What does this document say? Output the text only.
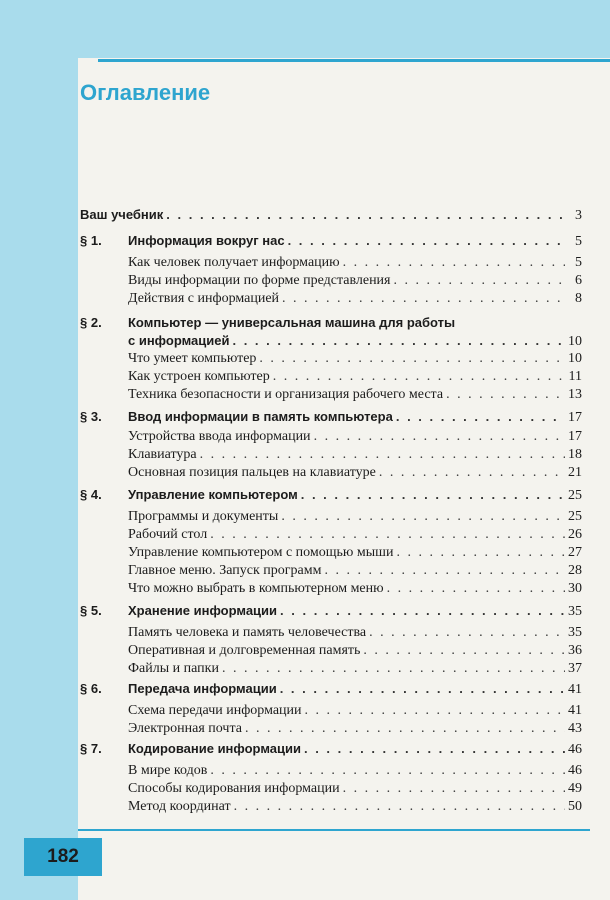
Оглавление
Ваш учебник . . .	3
§ 1. Информация вокруг нас . . .	5
Как человек получает информацию . . .	5
Виды информации по форме представления . . .	6
Действия с информацией . . .	8
§ 2. Компьютер — универсальная машина для работы
с информацией . . .	10
Что умеет компьютер . . .	10
Как устроен компьютер . . .	11
Техника безопасности и организация рабочего места . . .	13
§ 3. Ввод информации в память компьютера . . .	17
Устройства ввода информации . . .	17
Клавиатура . . .	18
Основная позиция пальцев на клавиатуре . . .	21
§ 4. Управление компьютером . . .	25
Программы и документы . . .	25
Рабочий стол . . .	26
Управление компьютером с помощью мыши . . .	27
Главное меню. Запуск программ . . .	28
Что можно выбрать в компьютерном меню . . .	30
§ 5. Хранение информации . . .	35
Память человека и память человечества . . .	35
Оперативная и долговременная память . . .	36
Файлы и папки . . .	37
§ 6. Передача информации . . .	41
Схема передачи информации . . .	41
Электронная почта . . .	43
§ 7. Кодирование информации . . .	46
В мире кодов . . .	46
Способы кодирования информации . . .	49
Метод координат . . .	50
182
